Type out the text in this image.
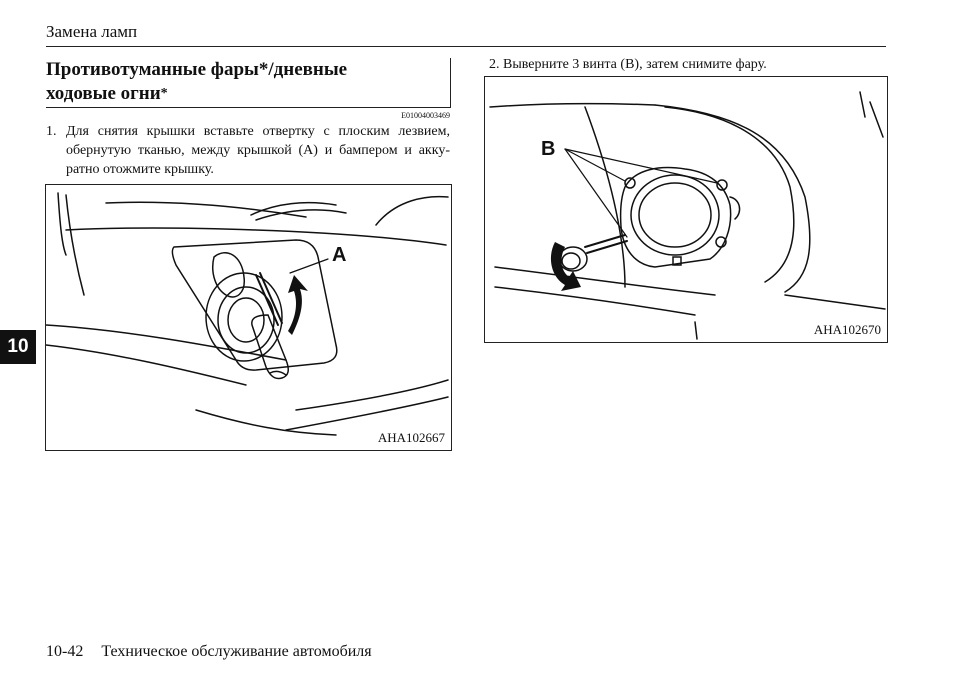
Замена ламп
Противотуманные фары*/дневные
ходовые огни*
E01004003469
1. Для снятия крышки вставьте отвертку с плоским лезвием, обернутую тканью, между крышкой (A) и бампером и акку-ратно отожмите крышку.
2. Выверните 3 винта (B), затем снимите фару.
A
AHA102667
B
AHA102670
10
10-42 Техническое обслуживание автомобиля
